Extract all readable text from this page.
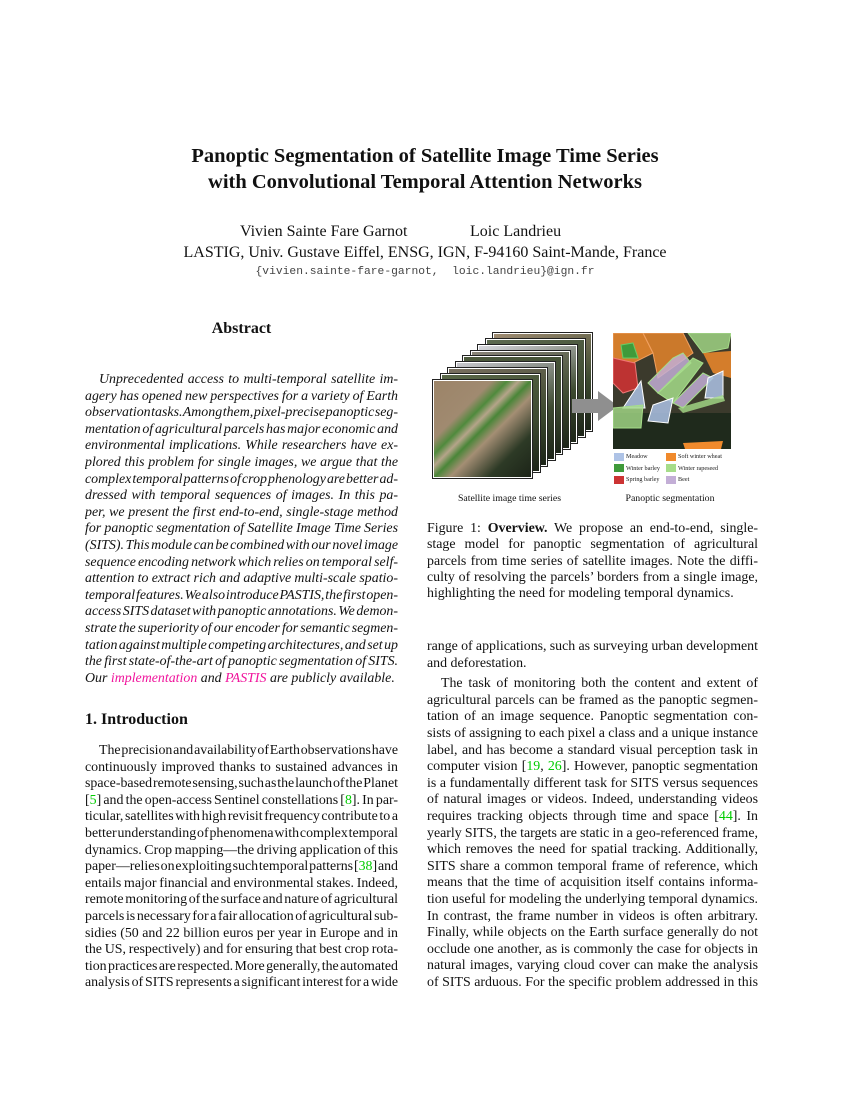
Panoptic Segmentation of Satellite Image Time Series
with Convolutional Temporal Attention Networks
Vivien Sainte Fare Garnot	Loic Landrieu
LASTIG, Univ. Gustave Eiffel, ENSG, IGN, F-94160 Saint-Mande, France
{vivien.sainte-fare-garnot,  loic.landrieu}@ign.fr
Abstract
Unprecedented access to multi-temporal satellite im-
agery has opened new perspectives for a variety of Earth
observation tasks. Among them, pixel-precise panoptic seg-
mentation of agricultural parcels has major economic and
environmental implications. While researchers have ex-
plored this problem for single images, we argue that the
complex temporal patterns of crop phenology are better ad-
dressed with temporal sequences of images. In this pa-
per, we present the first end-to-end, single-stage method
for panoptic segmentation of Satellite Image Time Series
(SITS). This module can be combined with our novel image
sequence encoding network which relies on temporal self-
attention to extract rich and adaptive multi-scale spatio-
temporal features. We also introduce PASTIS, the first open-
access SITS dataset with panoptic annotations. We demon-
strate the superiority of our encoder for semantic segmen-
tation against multiple competing architectures, and set up
the first state-of-the-art of panoptic segmentation of SITS.
Our implementation and PASTIS are publicly available.
1. Introduction
The precision and availability of Earth observations have
continuously improved thanks to sustained advances in
space-based remote sensing, such as the launch of the Planet
[5] and the open-access Sentinel constellations [8]. In par-
ticular, satellites with high revisit frequency contribute to a
better understanding of phenomena with complex temporal
dynamics. Crop mapping—the driving application of this
paper—relies on exploiting such temporal patterns [38] and
entails major financial and environmental stakes. Indeed,
remote monitoring of the surface and nature of agricultural
parcels is necessary for a fair allocation of agricultural sub-
sidies (50 and 22 billion euros per year in Europe and in
the US, respectively) and for ensuring that best crop rota-
tion practices are respected. More generally, the automated
analysis of SITS represents a significant interest for a wide
Meadow
Winter barley
Spring barley
Soft winter wheat
Winter rapeseed
Beet
Satellite image time series	Panoptic segmentation
Figure 1: Overview. We propose an end-to-end, single-
stage model for panoptic segmentation of agricultural
parcels from time series of satellite images. Note the diffi-
culty of resolving the parcels’ borders from a single image,
highlighting the need for modeling temporal dynamics.
range of applications, such as surveying urban development
and deforestation.
The task of monitoring both the content and extent of
agricultural parcels can be framed as the panoptic segmen-
tation of an image sequence. Panoptic segmentation con-
sists of assigning to each pixel a class and a unique instance
label, and has become a standard visual perception task in
computer vision [19, 26]. However, panoptic segmentation
is a fundamentally different task for SITS versus sequences
of natural images or videos. Indeed, understanding videos
requires tracking objects through time and space [44]. In
yearly SITS, the targets are static in a geo-referenced frame,
which removes the need for spatial tracking. Additionally,
SITS share a common temporal frame of reference, which
means that the time of acquisition itself contains informa-
tion useful for modeling the underlying temporal dynamics.
In contrast, the frame number in videos is often arbitrary.
Finally, while objects on the Earth surface generally do not
occlude one another, as is commonly the case for objects in
natural images, varying cloud cover can make the analysis
of SITS arduous. For the specific problem addressed in this
